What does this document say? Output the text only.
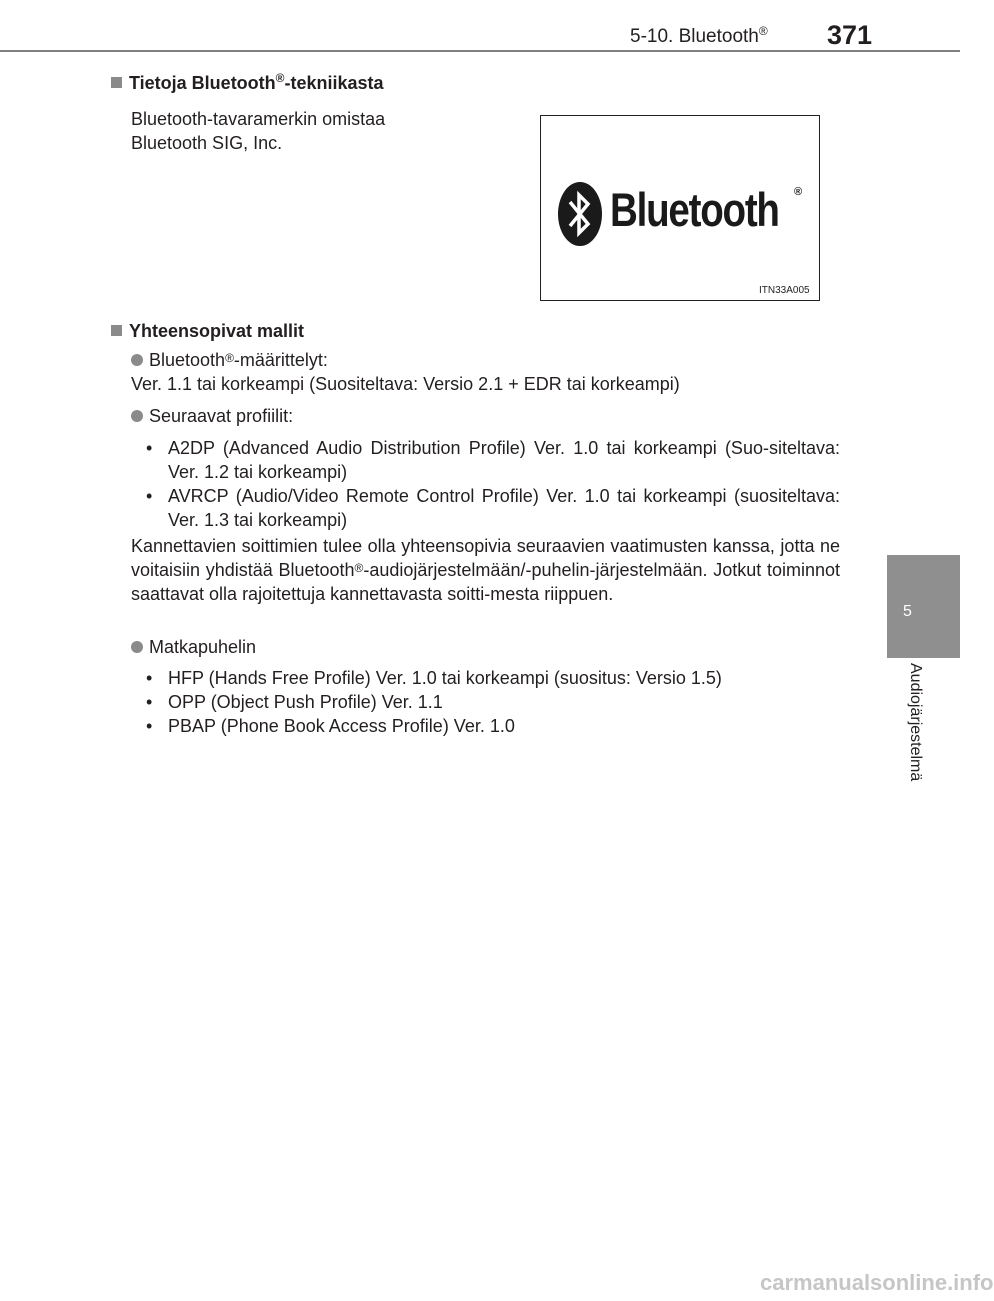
5-10. Bluetooth® 371
5
Audiojärjestelmä
Tietoja Bluetooth®-tekniikasta
Bluetooth-tavaramerkin omistaa
Bluetooth SIG, Inc.
Bluetooth ®
ITN33A005
Yhteensopivat mallit
Bluetooth®-määrittelyt:
Ver. 1.1 tai korkeampi (Suositeltava: Versio 2.1 + EDR tai korkeampi)
Seuraavat profiilit:
• A2DP (Advanced Audio Distribution Profile) Ver. 1.0 tai korkeampi (Suo-siteltava: Ver. 1.2 tai korkeampi)
• AVRCP (Audio/Video Remote Control Profile) Ver. 1.0 tai korkeampi (suositeltava: Ver. 1.3 tai korkeampi)
Kannettavien soittimien tulee olla yhteensopivia seuraavien vaatimusten kanssa, jotta ne voitaisiin yhdistää Bluetooth®-audiojärjestelmään/-puhelin-järjestelmään. Jotkut toiminnot saattavat olla rajoitettuja kannettavasta soitti-mesta riippuen.
Matkapuhelin
• HFP (Hands Free Profile) Ver. 1.0 tai korkeampi (suositus: Versio 1.5)
• OPP (Object Push Profile) Ver. 1.1
• PBAP (Phone Book Access Profile) Ver. 1.0
carmanualsonline.info
